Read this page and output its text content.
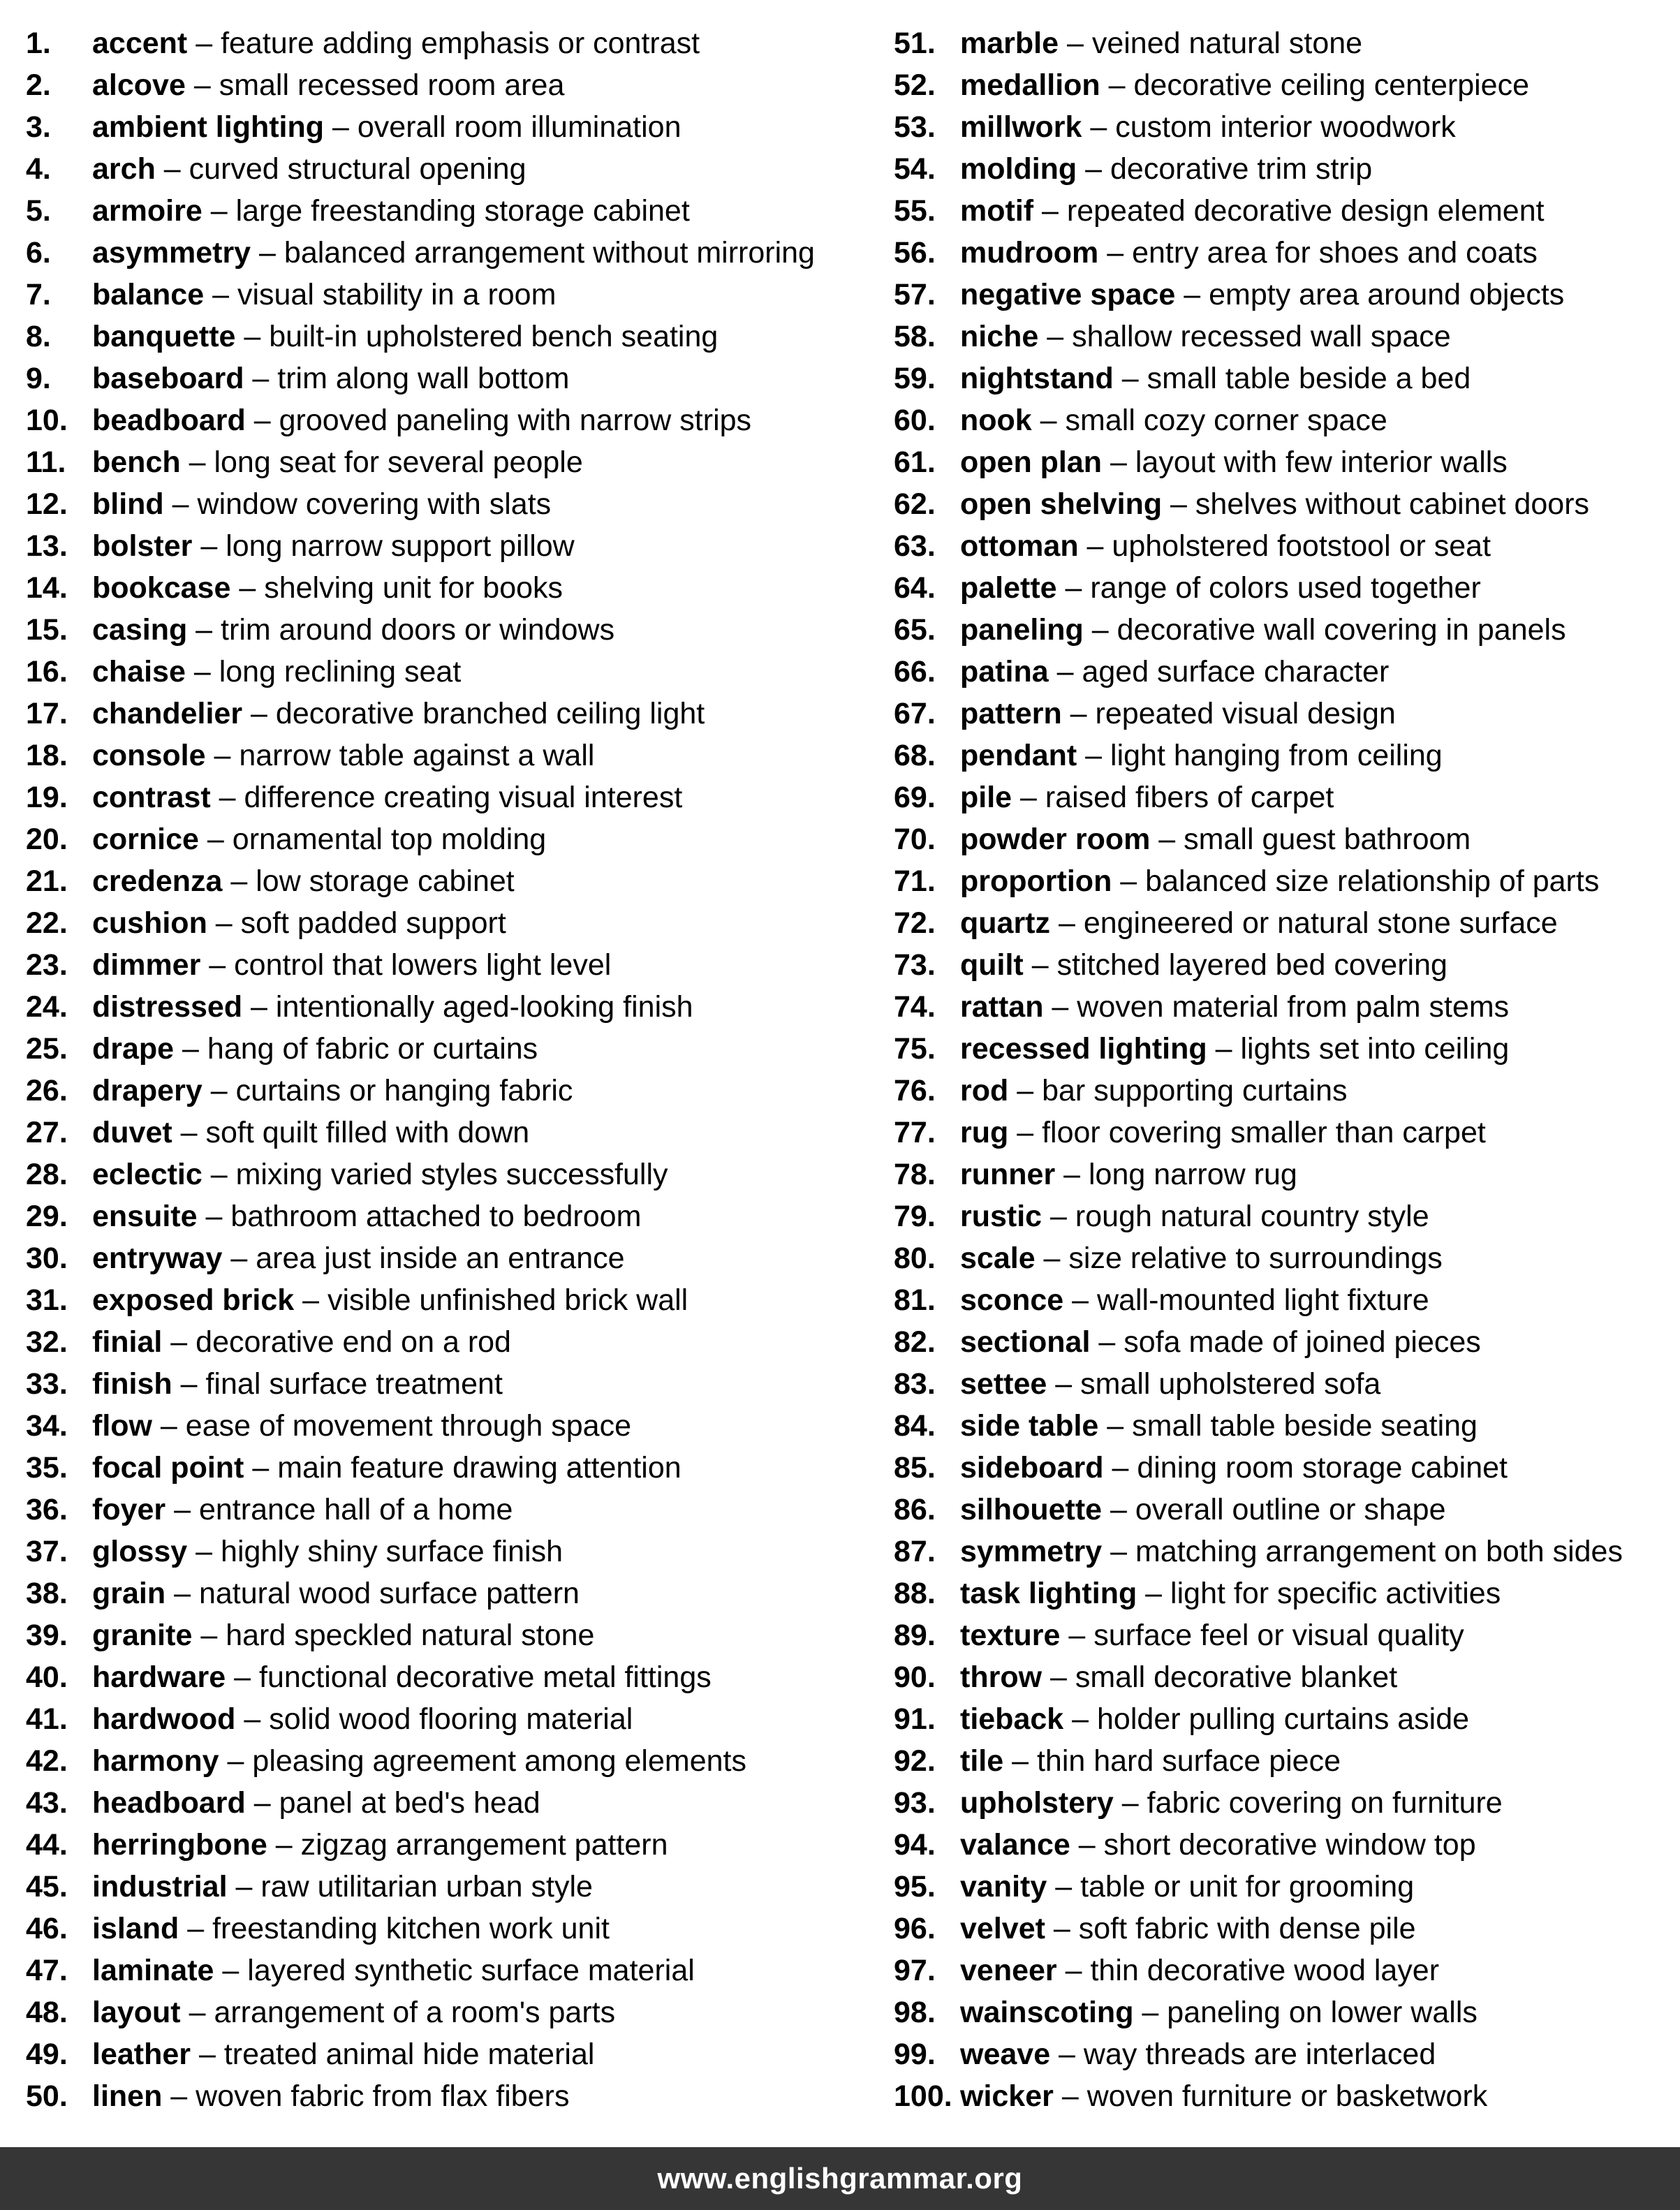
1. accent – feature adding emphasis or contrast
2. alcove – small recessed room area
3. ambient lighting – overall room illumination
4. arch – curved structural opening
5. armoire – large freestanding storage cabinet
6. asymmetry – balanced arrangement without mirroring
7. balance – visual stability in a room
8. banquette – built-in upholstered bench seating
9. baseboard – trim along wall bottom
10. beadboard – grooved paneling with narrow strips
11. bench – long seat for several people
12. blind – window covering with slats
13. bolster – long narrow support pillow
14. bookcase – shelving unit for books
15. casing – trim around doors or windows
16. chaise – long reclining seat
17. chandelier – decorative branched ceiling light
18. console – narrow table against a wall
19. contrast – difference creating visual interest
20. cornice – ornamental top molding
21. credenza – low storage cabinet
22. cushion – soft padded support
23. dimmer – control that lowers light level
24. distressed – intentionally aged-looking finish
25. drape – hang of fabric or curtains
26. drapery – curtains or hanging fabric
27. duvet – soft quilt filled with down
28. eclectic – mixing varied styles successfully
29. ensuite – bathroom attached to bedroom
30. entryway – area just inside an entrance
31. exposed brick – visible unfinished brick wall
32. finial – decorative end on a rod
33. finish – final surface treatment
34. flow – ease of movement through space
35. focal point – main feature drawing attention
36. foyer – entrance hall of a home
37. glossy – highly shiny surface finish
38. grain – natural wood surface pattern
39. granite – hard speckled natural stone
40. hardware – functional decorative metal fittings
41. hardwood – solid wood flooring material
42. harmony – pleasing agreement among elements
43. headboard – panel at bed's head
44. herringbone – zigzag arrangement pattern
45. industrial – raw utilitarian urban style
46. island – freestanding kitchen work unit
47. laminate – layered synthetic surface material
48. layout – arrangement of a room's parts
49. leather – treated animal hide material
50. linen – woven fabric from flax fibers
51. marble – veined natural stone
52. medallion – decorative ceiling centerpiece
53. millwork – custom interior woodwork
54. molding – decorative trim strip
55. motif – repeated decorative design element
56. mudroom – entry area for shoes and coats
57. negative space – empty area around objects
58. niche – shallow recessed wall space
59. nightstand – small table beside a bed
60. nook – small cozy corner space
61. open plan – layout with few interior walls
62. open shelving – shelves without cabinet doors
63. ottoman – upholstered footstool or seat
64. palette – range of colors used together
65. paneling – decorative wall covering in panels
66. patina – aged surface character
67. pattern – repeated visual design
68. pendant – light hanging from ceiling
69. pile – raised fibers of carpet
70. powder room – small guest bathroom
71. proportion – balanced size relationship of parts
72. quartz – engineered or natural stone surface
73. quilt – stitched layered bed covering
74. rattan – woven material from palm stems
75. recessed lighting – lights set into ceiling
76. rod – bar supporting curtains
77. rug – floor covering smaller than carpet
78. runner – long narrow rug
79. rustic – rough natural country style
80. scale – size relative to surroundings
81. sconce – wall-mounted light fixture
82. sectional – sofa made of joined pieces
83. settee – small upholstered sofa
84. side table – small table beside seating
85. sideboard – dining room storage cabinet
86. silhouette – overall outline or shape
87. symmetry – matching arrangement on both sides
88. task lighting – light for specific activities
89. texture – surface feel or visual quality
90. throw – small decorative blanket
91. tieback – holder pulling curtains aside
92. tile – thin hard surface piece
93. upholstery – fabric covering on furniture
94. valance – short decorative window top
95. vanity – table or unit for grooming
96. velvet – soft fabric with dense pile
97. veneer – thin decorative wood layer
98. wainscoting – paneling on lower walls
99. weave – way threads are interlaced
100. wicker – woven furniture or basketwork
www.englishgrammar.org
